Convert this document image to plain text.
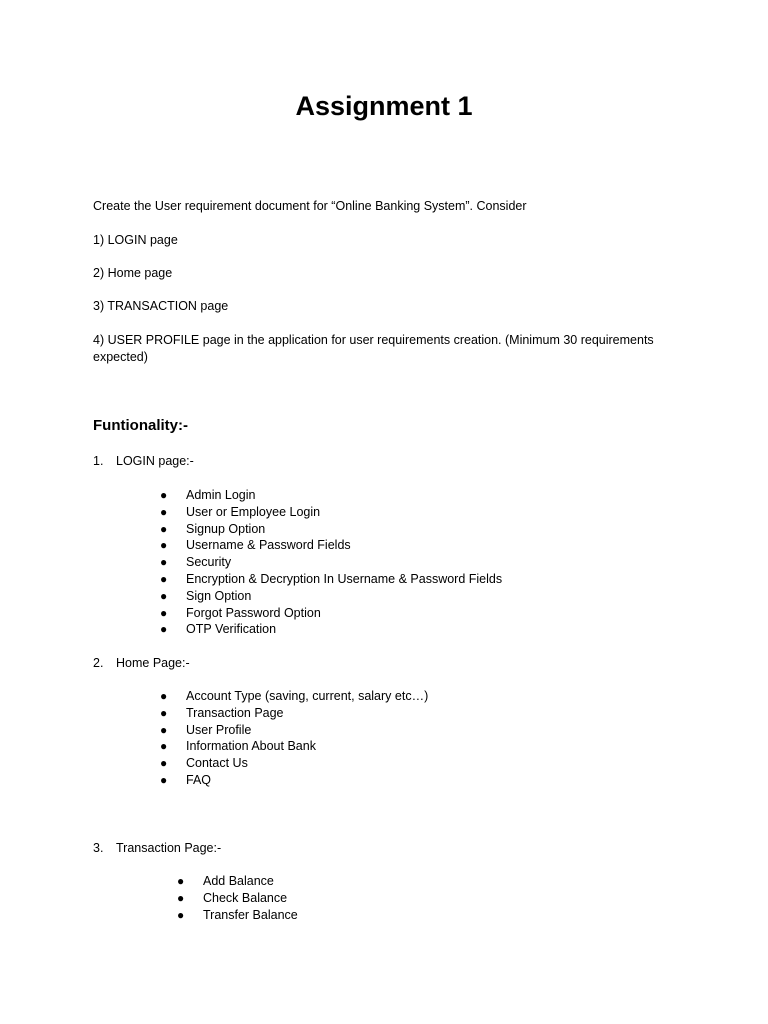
Assignment 1
Create the User requirement document for “Online Banking System”. Consider
1) LOGIN page
2) Home page
3) TRANSACTION page
4) USER PROFILE page in the application for user requirements creation. (Minimum 30 requirements expected)
Funtionality:-
1. LOGIN page:-
● Admin Login
● User or Employee Login
● Signup Option
● Username & Password Fields
● Security
● Encryption & Decryption In Username & Password Fields
● Sign Option
● Forgot Password Option
● OTP Verification
2. Home Page:-
● Account Type (saving, current, salary etc…)
● Transaction Page
● User Profile
● Information About Bank
● Contact Us
● FAQ
3. Transaction Page:-
● Add Balance
● Check Balance
● Transfer Balance
